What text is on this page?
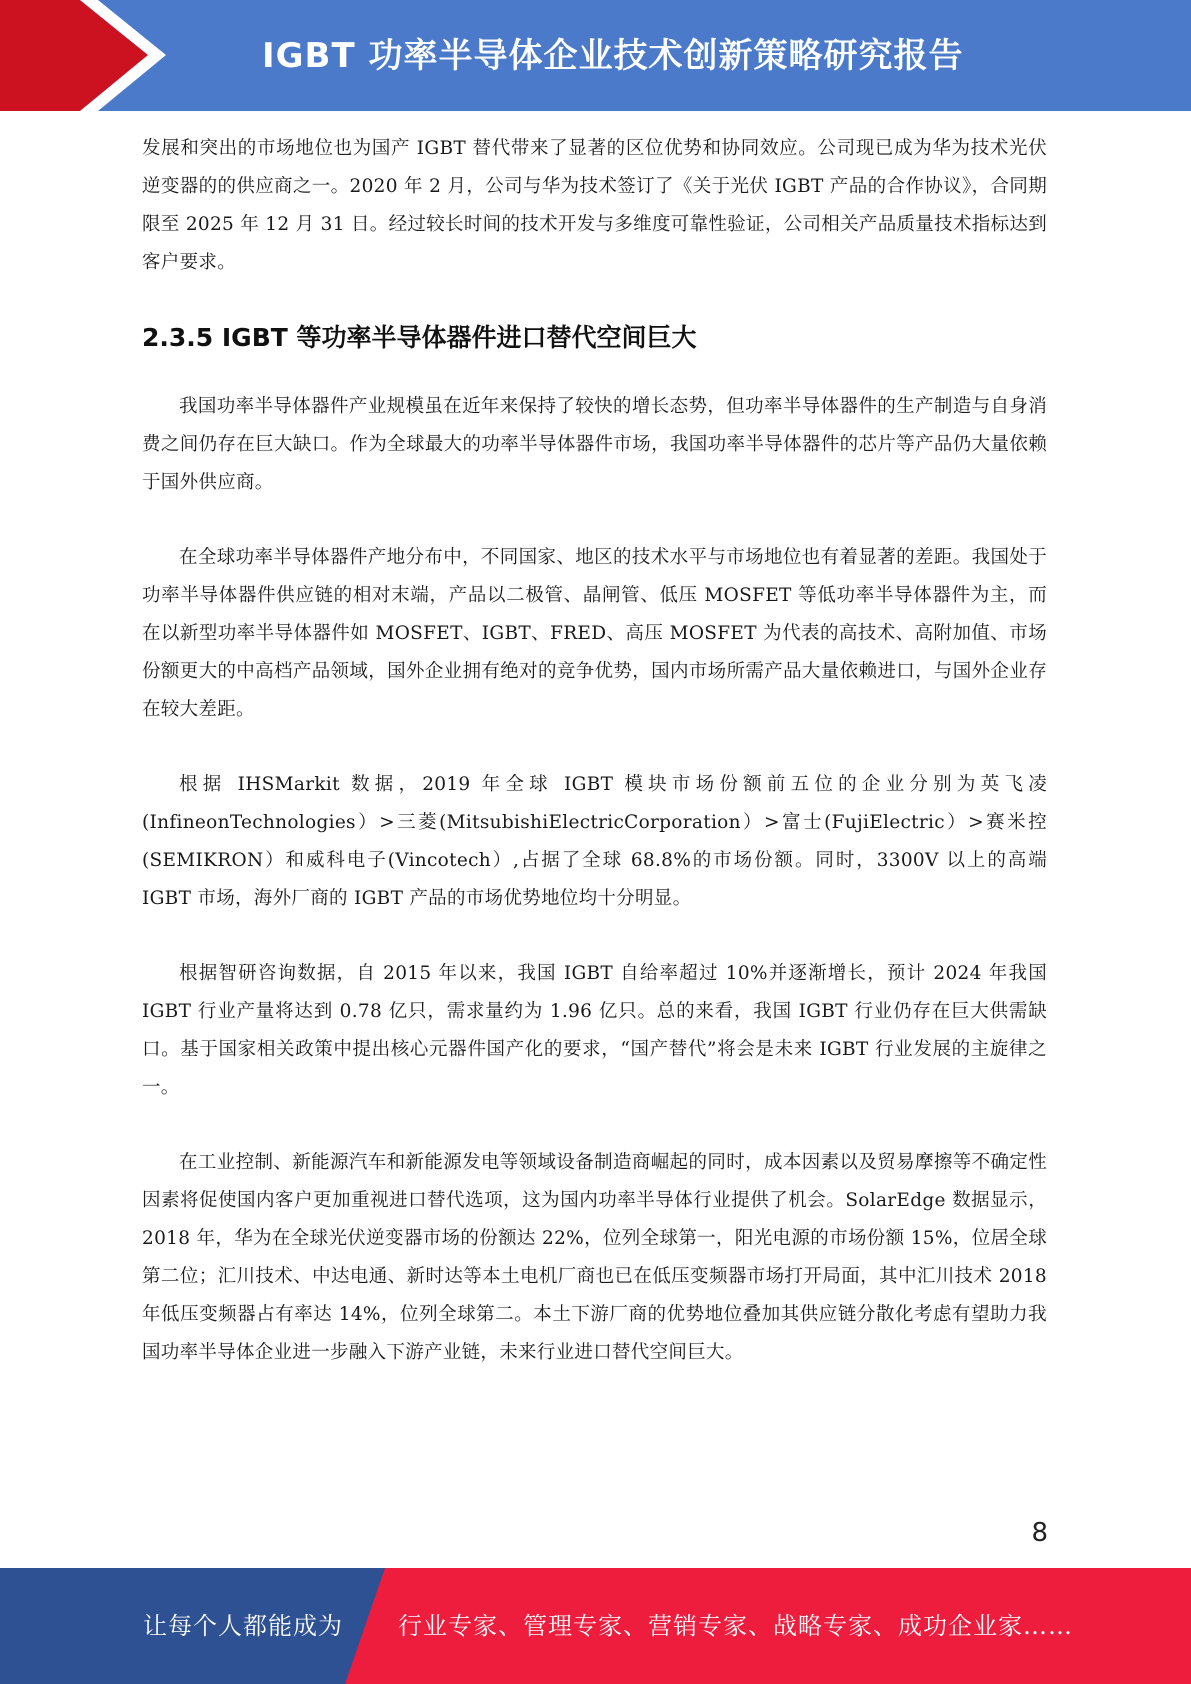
IGBT 功率半导体企业技术创新策略研究报告

发展和突出的市场地位也为国产 IGBT 替代带来了显著的区位优势和协同效应。公司现已成为华为技术光伏逆变器的的供应商之一。2020 年 2 月，公司与华为技术签订了《关于光伏 IGBT 产品的合作协议》，合同期限至 2025 年 12 月 31 日。经过较长时间的技术开发与多维度可靠性验证，公司相关产品质量技术指标达到客户要求。

2.3.5 IGBT 等功率半导体器件进口替代空间巨大

我国功率半导体器件产业规模虽在近年来保持了较快的增长态势，但功率半导体器件的生产制造与自身消费之间仍存在巨大缺口。作为全球最大的功率半导体器件市场，我国功率半导体器件的芯片等产品仍大量依赖于国外供应商。

在全球功率半导体器件产地分布中，不同国家、地区的技术水平与市场地位也有着显著的差距。我国处于功率半导体器件供应链的相对末端，产品以二极管、晶闸管、低压 MOSFET 等低功率半导体器件为主，而在以新型功率半导体器件如 MOSFET、IGBT、FRED、高压 MOSFET 为代表的高技术、高附加值、市场份额更大的中高档产品领域，国外企业拥有绝对的竞争优势，国内市场所需产品大量依赖进口，与国外企业存在较大差距。

根据 IHSMarkit 数据，2019 年全球 IGBT 模块市场份额前五位的企业分别为英飞凌(InfineonTechnologies）>三菱(MitsubishiElectricCorporation）>富士(FujiElectric）>赛米控(SEMIKRON）和威科电子(Vincotech）,占据了全球 68.8%的市场份额。同时，3300V 以上的高端 IGBT 市场，海外厂商的 IGBT 产品的市场优势地位均十分明显。

根据智研咨询数据，自 2015 年以来，我国 IGBT 自给率超过 10%并逐渐增长，预计 2024 年我国 IGBT 行业产量将达到 0.78 亿只，需求量约为 1.96 亿只。总的来看，我国 IGBT 行业仍存在巨大供需缺口。基于国家相关政策中提出核心元器件国产化的要求，“国产替代”将会是未来 IGBT 行业发展的主旋律之一。

在工业控制、新能源汽车和新能源发电等领域设备制造商崛起的同时，成本因素以及贸易摩擦等不确定性因素将促使国内客户更加重视进口替代选项，这为国内功率半导体行业提供了机会。SolarEdge 数据显示，2018 年，华为在全球光伏逆变器市场的份额达 22%，位列全球第一，阳光电源的市场份额 15%，位居全球第二位；汇川技术、中达电通、新时达等本土电机厂商也已在低压变频器市场打开局面，其中汇川技术 2018 年低压变频器占有率达 14%，位列全球第二。本土下游厂商的优势地位叠加其供应链分散化考虑有望助力我国功率半导体企业进一步融入下游产业链，未来行业进口替代空间巨大。

8
让每个人都能成为 行业专家、管理专家、营销专家、战略专家、成功企业家……
